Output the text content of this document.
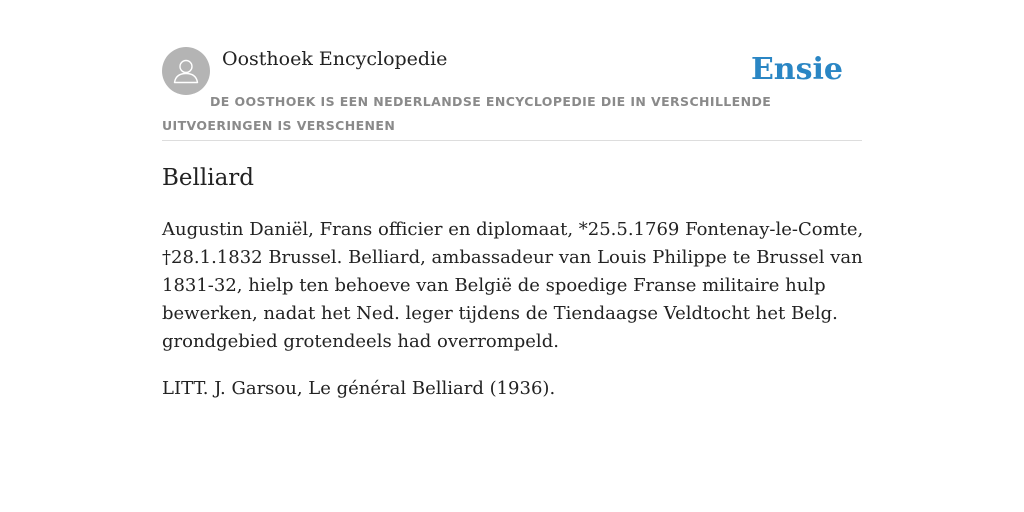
Oosthoek Encyclopedie	Ensie
DE OOSTHOEK IS EEN NEDERLANDSE ENCYCLOPEDIE DIE IN VERSCHILLENDE UITVOERINGEN IS VERSCHENEN
Belliard

Augustin Daniël, Frans officier en diplomaat, *25.5.1769 Fontenay-le-Comte, †28.1.1832 Brussel. Belliard, ambassadeur van Louis Philippe te Brussel van 1831-32, hielp ten behoeve van België de spoedige Franse militaire hulp bewerken, nadat het Ned. leger tijdens de Tiendaagse Veldtocht het Belg. grondgebied grotendeels had overrompeld.

LITT. J. Garsou, Le général Belliard (1936).
